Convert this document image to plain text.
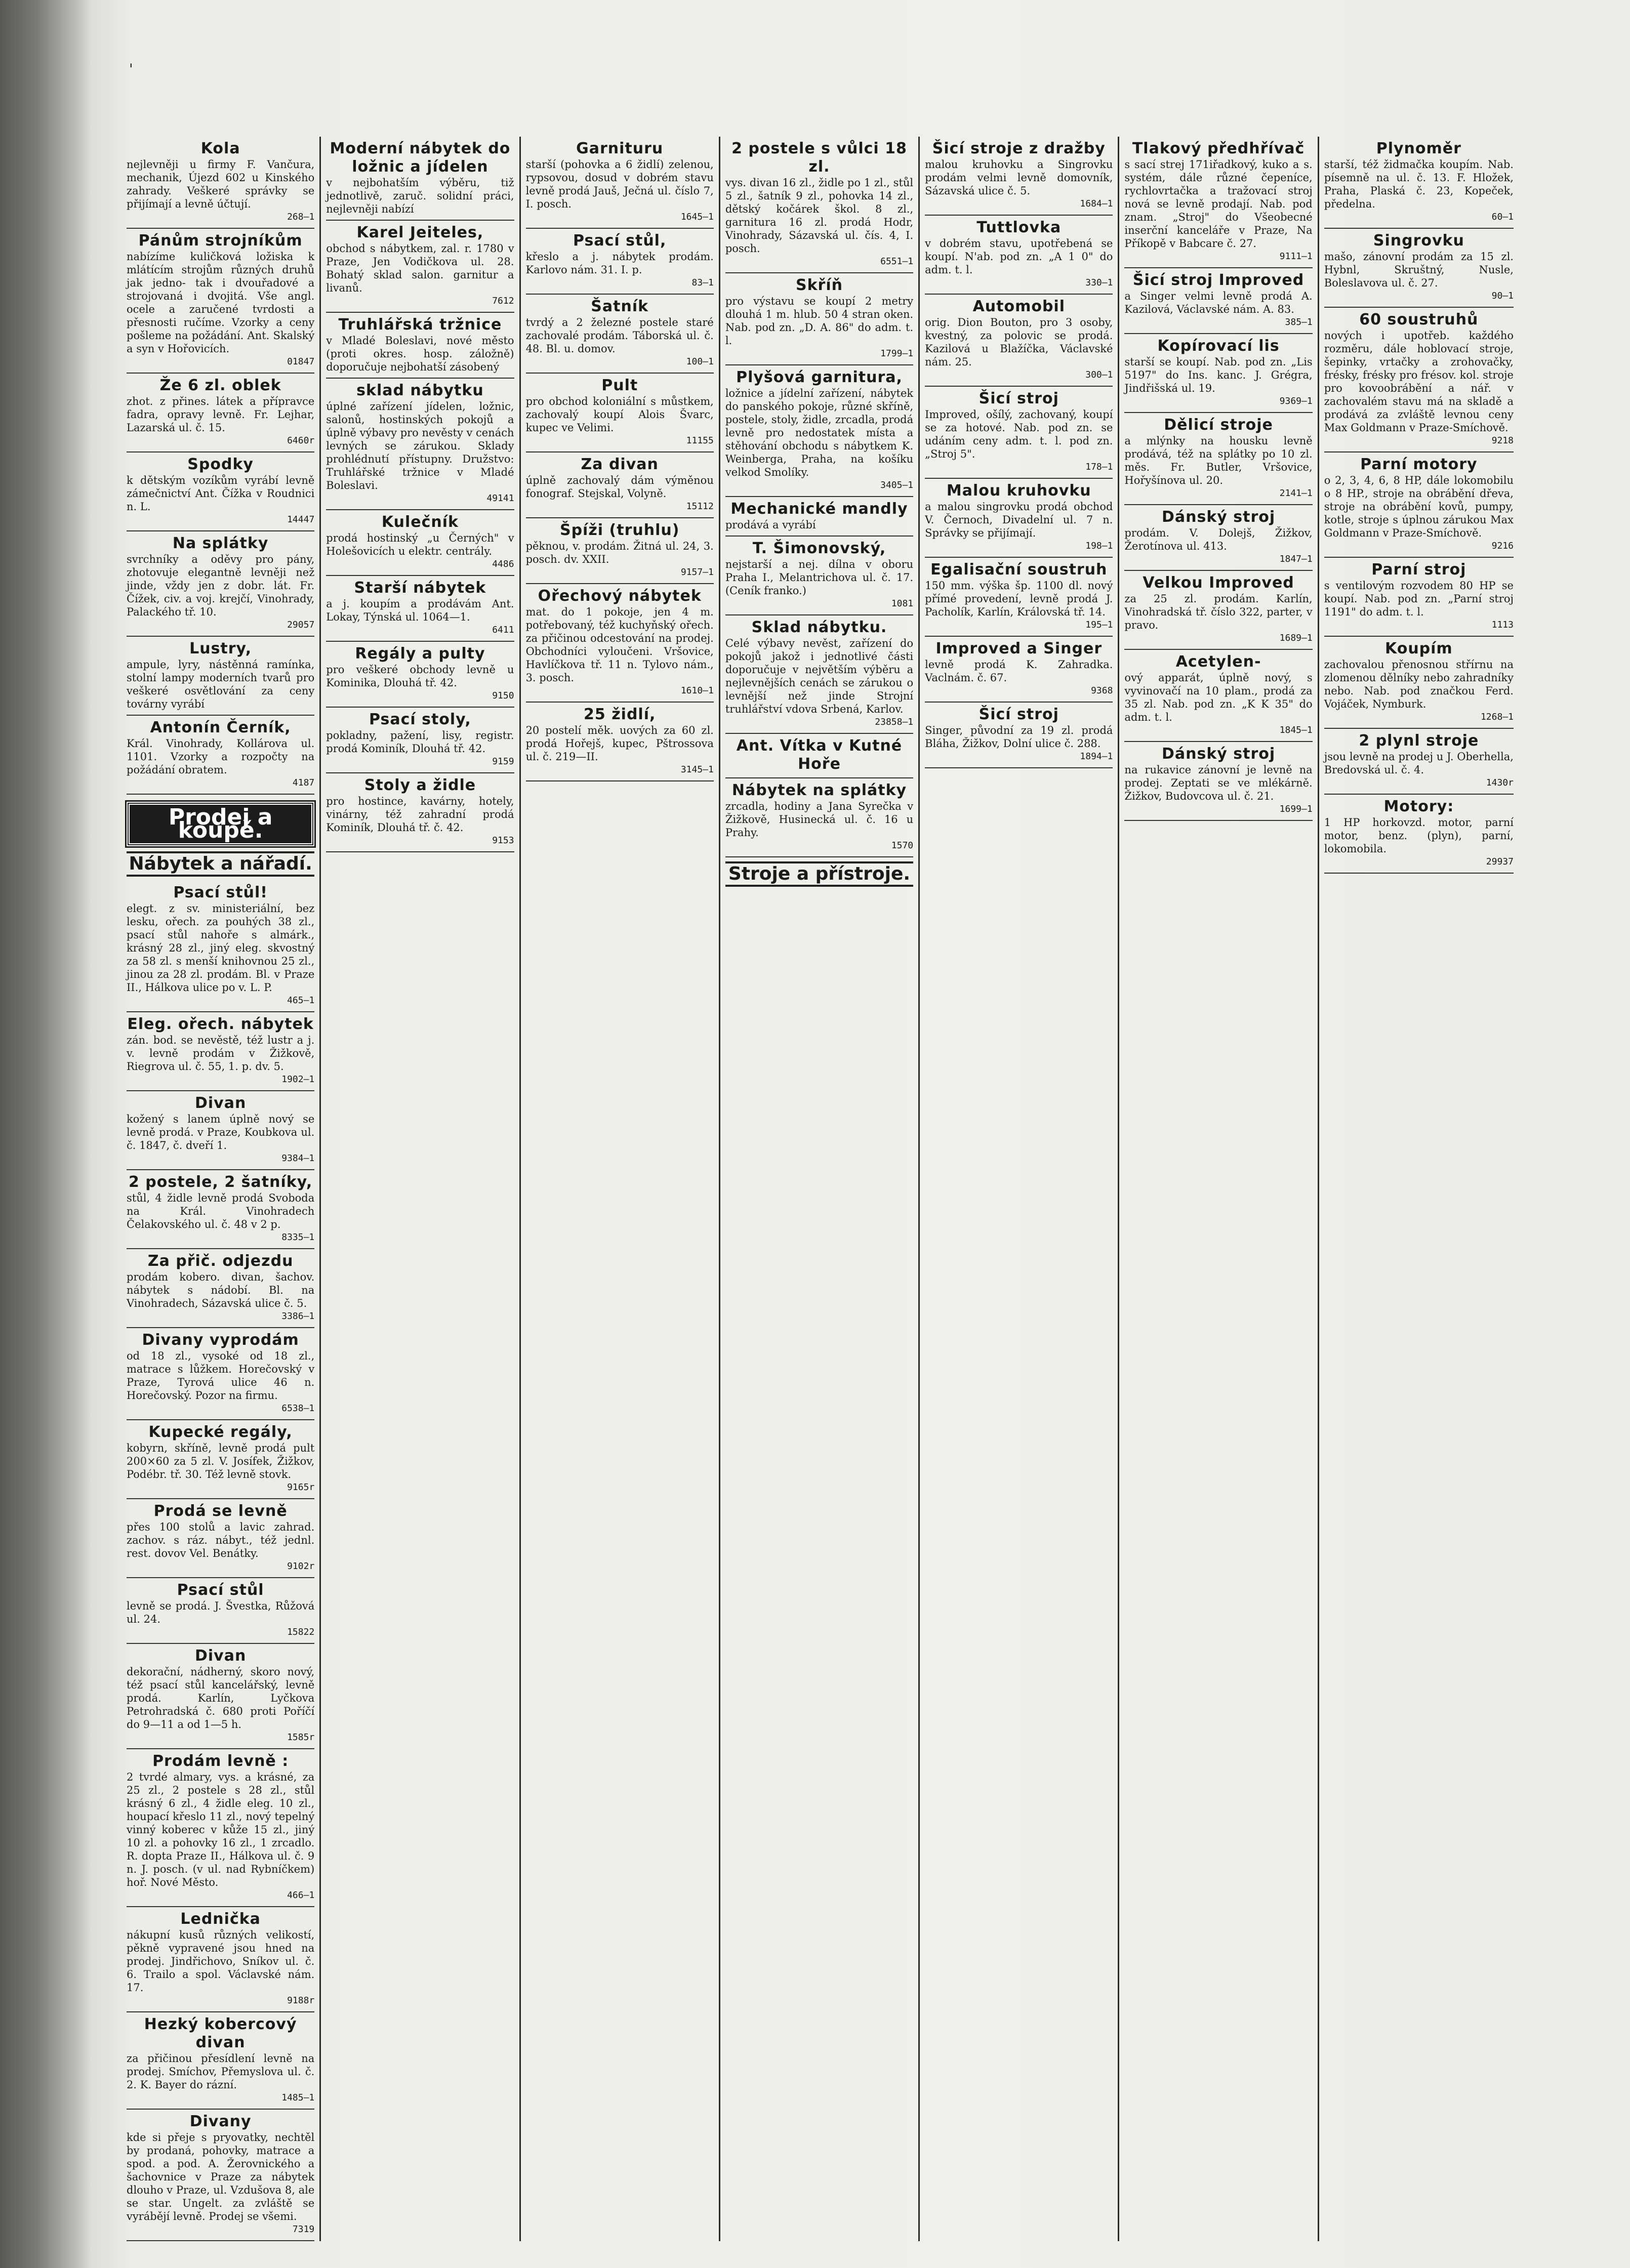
'
Kola
nejlevněji u firmy F. Vančura, mechanik, Újezd 602 u Kinského zahrady. Veškeré správky se přijímají a levně účtují.
268—1
Pánům strojníkům
nabízíme kuličková ložiska k mlátícím strojům různých druhů jak jedno- tak i dvouřadové a strojovaná i dvojitá. Vše angl. ocele a zaručené tvrdosti a přesnosti ručíme. Vzorky a ceny pošleme na požádání. Ant. Skalský a syn v Hořovicích.
01847
Že 6 zl. oblek
zhot. z přines. látek a přípravce fadra, opravy levně. Fr. Lejhar, Lazarská ul. č. 15.
6460r
Spodky
k dětským vozíkům vyrábí levně zámečnictví Ant. Čížka v Roudnici n. L.
14447
Na splátky
svrchníky a oděvy pro pány, zhotovuje elegantně levněji než jinde, vždy jen z dobr. lát. Fr. Čížek, civ. a voj. krejčí, Vinohrady, Palackého tř. 10.
29057
Lustry,
ampule, lyry, nástěnná ramínka, stolní lampy moderních tvarů pro veškeré osvětlování za ceny továrny vyrábí
Antonín Černík,
Král. Vinohrady, Kollárova ul. 1101. Vzorky a rozpočty na požádání obratem.
4187
Prodej a koupě.
Nábytek a nářadí.
Psací stůl!
elegt. z sv. ministeriální, bez lesku, ořech. za pouhých 38 zl., psací stůl nahoře s almárk., krásný 28 zl., jiný eleg. skvostný za 58 zl. s menší knihovnou 25 zl., jinou za 28 zl. prodám. Bl. v Praze II., Hálkova ulice po v. L. P.
465—1
Eleg. ořech. nábytek
zán. bod. se nevěstě, též lustr a j. v. levně prodám v Žižkově, Riegrova ul. č. 55, 1. p. dv. 5.
1902—1
Divan
kožený s lanem úplně nový se levně prodá. v Praze, Koubkova ul. č. 1847, č. dveří 1.
9384—1
2 postele, 2 šatníky,
stůl, 4 židle levně prodá Svoboda na Král. Vinohradech Čelakovského ul. č. 48 v 2 p.
8335—1
Za přič. odjezdu
prodám kobero. divan, šachov. nábytek s nádobí. Bl. na Vinohradech, Sázavská ulice č. 5.
3386—1
Divany vyprodám
od 18 zl., vysoké od 18 zl., matrace s lůžkem. Horečovský v Praze, Tyrová ulice 46 n. Horečovský. Pozor na firmu.
6538—1
Kupecké regály,
kobyrn, skříně, levně prodá pult 200×60 za 5 zl. V. Josífek, Žižkov, Podébr. tř. 30. Též levně stovk.
9165r
Prodá se levně
přes 100 stolů a lavic zahrad. zachov. s ráz. nábyt., též jednl. rest. dovov Vel. Benátky.
9102r
Psací stůl
levně se prodá. J. Švestka, Růžová ul. 24.
15822
Divan
dekorační, nádherný, skoro nový, též psací stůl kancelářský, levně prodá. Karlín, Lyčkova Petrohradská č. 680 proti Poříčí do 9—11 a od 1—5 h.
1585r
Prodám levně :
2 tvrdé almary, vys. a krásné, za 25 zl., 2 postele s 28 zl., stůl krásný 6 zl., 4 židle eleg. 10 zl., houpací křeslo 11 zl., nový tepelný vinný koberec v kůže 15 zl., jiný 10 zl. a pohovky 16 zl., 1 zrcadlo. R. dopta Praze II., Hálkova ul. č. 9 n. J. posch. (v ul. nad Rybníčkem) hoř. Nové Město.
466—1
Lednička
nákupní kusů různých velikostí, pěkně vypravené jsou hned na prodej. Jindřichovo, Sníkov ul. č. 6. Trailo a spol. Václavské nám. 17.
9188r
Hezký kobercový divan
za přičinou přesídlení levně na prodej. Smíchov, Přemyslova ul. č. 2. K. Bayer do rázní.
1485—1
Divany
kde si přeje s pryovatky, nechtěl by prodaná, pohovky, matrace a spod. a pod. A. Žerovnického a šachovnice v Praze za nábytek dlouho v Praze, ul. Vzdušova 8, ale se star. Ungelt. za zvláště se vyrábějí levně. Prodej se všemi.
7319
Moderní nábytek do ložnic a jídelen
v nejbohatším výběru, tiž jednotlivě, zaruč. solidní práci, nejlevněji nabízí
Karel Jeiteles,
obchod s nábytkem, zal. r. 1780 v Praze, Jen Vodičkova ul. 28. Bohatý sklad salon. garnitur a livanů.
7612
Truhlářská tržnice
v Mladé Boleslavi, nové město (proti okres. hosp. záložně) doporučuje nejbohatší zásobený
sklad nábytku
úplné zařízení jídelen, ložnic, salonů, hostinských pokojů a úplně výbavy pro nevěsty v cenách levných se zárukou. Sklady prohlédnutí přístupny. Družstvo: Truhlářské tržnice v Mladé Boleslavi.
49141
Kulečník
prodá hostinský „u Černých" v Holešovicích u elektr. centrály.
4486
Starší nábytek
a j. koupím a prodávám Ant. Lokay, Týnská ul. 1064—1.
6411
Regály a pulty
pro veškeré obchody levně u Kominika, Dlouhá tř. 42.
9150
Psací stoly,
pokladny, pažení, lisy, registr. prodá Kominík, Dlouhá tř. 42.
9159
Stoly a židle
pro hostince, kavárny, hotely, vinárny, též zahradní prodá Kominík, Dlouhá tř. č. 42.
9153
Garnituru
starší (pohovka a 6 židlí) zelenou, rypsovou, dosud v dobrém stavu levně prodá Jauš, Ječná ul. číslo 7, I. posch.
1645—1
Psací stůl,
křeslo a j. nábytek prodám. Karlovo nám. 31. I. p.
83—1
Šatník
tvrdý a 2 železné postele staré zachovalé prodám. Táborská ul. č. 48. Bl. u. domov.
100—1
Pult
pro obchod koloniální s můstkem, zachovalý koupí Alois Švarc, kupec ve Velimi.
11155
Za divan
úplně zachovalý dám výměnou fonograf. Stejskal, Volyně.
15112
Špíži (truhlu)
pěknou, v. prodám. Žitná ul. 24, 3. posch. dv. XXII.
9157—1
Ořechový nábytek
mat. do 1 pokoje, jen 4 m. potřebovaný, též kuchyňský ořech. za přičinou odcestování na prodej. Obchodníci vyloučeni. Vršovice, Havlíčkova tř. 11 n. Tylovo nám., 3. posch.
1610—1
25 židlí,
20 postelí měk. uových za 60 zl. prodá Hořejš, kupec, Pštrossova ul. č. 219—II.
3145—1
2 postele s vůlci 18 zl.
vys. divan 16 zl., židle po 1 zl., stůl 5 zl., šatník 9 zl., pohovka 14 zl., dětský kočárek škol. 8 zl., garnitura 16 zl. prodá Hodr, Vinohrady, Sázavská ul. čís. 4, I. posch.
6551—1
Skříň
pro výstavu se koupí 2 metry dlouhá 1 m. hlub. 50 4 stran oken. Nab. pod zn. „D. A. 86" do adm. t. l.
1799—1
Plyšová garnitura,
ložnice a jídelní zařízení, nábytek do panského pokoje, různé skříně, postele, stoly, židle, zrcadla, prodá levně pro nedostatek místa a stěhování obchodu s nábytkem K. Weinberga, Praha, na košíku velkod Smolíky.
3405—1
Mechanické mandly
prodává a vyrábí
T. Šimonovský,
nejstarší a nej. dílna v oboru Praha I., Melantrichova ul. č. 17. (Ceník franko.)
1081
Sklad nábytku.
Celé výbavy nevěst, zařízení do pokojů jakož i jednotlivé části doporučuje v největším výběru a nejlevnějších cenách se zárukou o levnější než jinde Strojní truhlářství vdova Srbená, Karlov.
23858—1
Ant. Vítka v Kutné Hoře
Nábytek na splátky
zrcadla, hodiny a Jana Syrečka v Žižkově, Husinecká ul. č. 16 u Prahy.
1570
Stroje a přístroje.
Šicí stroje z dražby
malou kruhovku a Singrovku prodám velmi levně domovník, Sázavská ulice č. 5.
1684—1
Tuttlovka
v dobrém stavu, upotřebená se koupí. N'ab. pod zn. „A 1 0" do adm. t. l.
330—1
Automobil
orig. Dion Bouton, pro 3 osoby, kvestný, za polovic se prodá. Kazilová u Blažíčka, Václavské nám. 25.
300—1
Šicí stroj
Improved, ošílý, zachovaný, koupí se za hotové. Nab. pod zn. se udáním ceny adm. t. l. pod zn. „Stroj 5".
178—1
Malou kruhovku
a malou singrovku prodá obchod V. Černoch, Divadelní ul. 7 n. Správky se přijímají.
198—1
Egalisační soustruh
150 mm. výška šp. 1100 dl. nový přímé provedení, levně prodá J. Pacholík, Karlín, Královská tř. 14.
195—1
Improved a Singer
levně prodá K. Zahradka. Vaclnám. č. 67.
9368
Šicí stroj
Singer, původní za 19 zl. prodá Bláha, Žižkov, Dolní ulice č. 288.
1894—1
Tlakový předhřívač
s sací strej 171iřadkový, kuko a s. systém, dále různé čepeníce, rychlovrtačka a tražovací stroj nová se levně prodají. Nab. pod znam. „Stroj" do Všeobecné inserční kanceláře v Praze, Na Příkopě v Babcare č. 27.
9111—1
Šicí stroj Improved
a Singer velmi levně prodá A. Kazilová, Václavské nám. A. 83.
385—1
Kopírovací lis
starší se koupí. Nab. pod zn. „Lis 5197" do Ins. kanc. J. Grégra, Jindřišská ul. 19.
9369—1
Dělicí stroje
a mlýnky na housku levně prodává, též na splátky po 10 zl. měs. Fr. Butler, Vršovice, Hořyšínova ul. 20.
2141—1
Dánský stroj
prodám. V. Dolejš, Žižkov, Žerotínova ul. 413.
1847—1
Velkou Improved
za 25 zl. prodám. Karlín, Vinohradská tř. číslo 322, parter, v pravo.
1689—1
Acetylen-
ový apparát, úplně nový, s vyvinovačí na 10 plam., prodá za 35 zl. Nab. pod zn. „K K 35" do adm. t. l.
1845—1
Dánský stroj
na rukavice zánovní je levně na prodej. Zeptati se ve mlékárně. Žižkov, Budovcova ul. č. 21.
1699—1
Plynoměr
starší, též židmačka koupím. Nab. písemně na ul. č. 13. F. Hložek, Praha, Plaská č. 23, Kopeček, předelna.
60—1
Singrovku
mašo, zánovní prodám za 15 zl. Hybnl, Skruštný, Nusle, Boleslavova ul. č. 27.
90—1
60 soustruhů
nových i upotřeb. každého rozměru, dále hoblovací stroje, šepinky, vrtačky a zrohovačky, frésky, frésky pro frésov. kol. stroje pro kovoobrábění a nář. v zachovalém stavu má na skladě a prodává za zvláště levnou ceny Max Goldmann v Praze-Smíchově.
9218
Parní motory
o 2, 3, 4, 6, 8 HP, dále lokomobilu o 8 HP., stroje na obrábění dřeva, stroje na obrábění kovů, pumpy, kotle, stroje s úplnou zárukou Max Goldmann v Praze-Smíchově.
9216
Parní stroj
s ventilovým rozvodem 80 HP se koupí. Nab. pod zn. „Parní stroj 1191" do adm. t. l.
1113
Koupím
zachovalou přenosnou střírnu na zlomenou dělníky nebo zahradníky nebo. Nab. pod značkou Ferd. Vojáček, Nymburk.
1268—1
2 plynl stroje
jsou levně na prodej u J. Oberhella, Bredovská ul. č. 4.
1430r
Motory:
1 HP horkovzd. motor, parní motor, benz. (plyn), parní, lokomobila.
29937
